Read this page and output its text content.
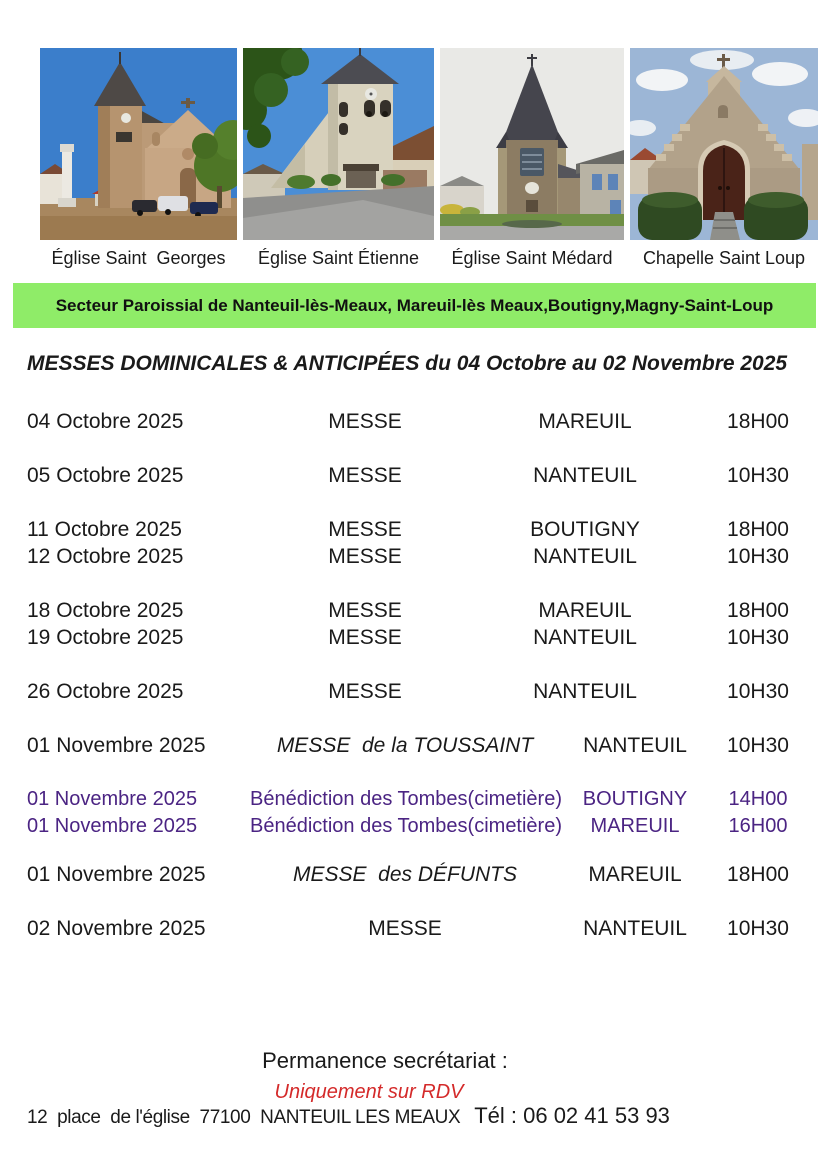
Église Saint  Georges	Église Saint Étienne	Église Saint Médard	Chapelle Saint Loup
Secteur Paroissial de Nanteuil-lès-Meaux, Mareuil-lès Meaux,Boutigny,Magny-Saint-Loup
MESSES DOMINICALES & ANTICIPÉES du 04 Octobre au 02 Novembre 2025
04 Octobre 2025	MESSE	MAREUIL	18H00
05 Octobre 2025	MESSE	NANTEUIL	10H30
11 Octobre 2025	MESSE	BOUTIGNY	18H00
12 Octobre 2025	MESSE	NANTEUIL	10H30
18 Octobre 2025	MESSE	MAREUIL	18H00
19 Octobre 2025	MESSE	NANTEUIL	10H30
26 Octobre 2025	MESSE	NANTEUIL	10H30
01 Novembre 2025	MESSE  de la TOUSSAINT	NANTEUIL	10H30
01 Novembre 2025	Bénédiction des Tombes(cimetière)	BOUTIGNY	14H00
01 Novembre 2025	Bénédiction des Tombes(cimetière)	MAREUIL	16H00
01 Novembre 2025	MESSE  des DÉFUNTS	MAREUIL	18H00
02 Novembre 2025	MESSE	NANTEUIL	10H30
Permanence secrétariat :
Uniquement sur RDV
12  place  de l'église  77100  NANTEUIL LES MEAUX Tél : 06 02 41 53 93
